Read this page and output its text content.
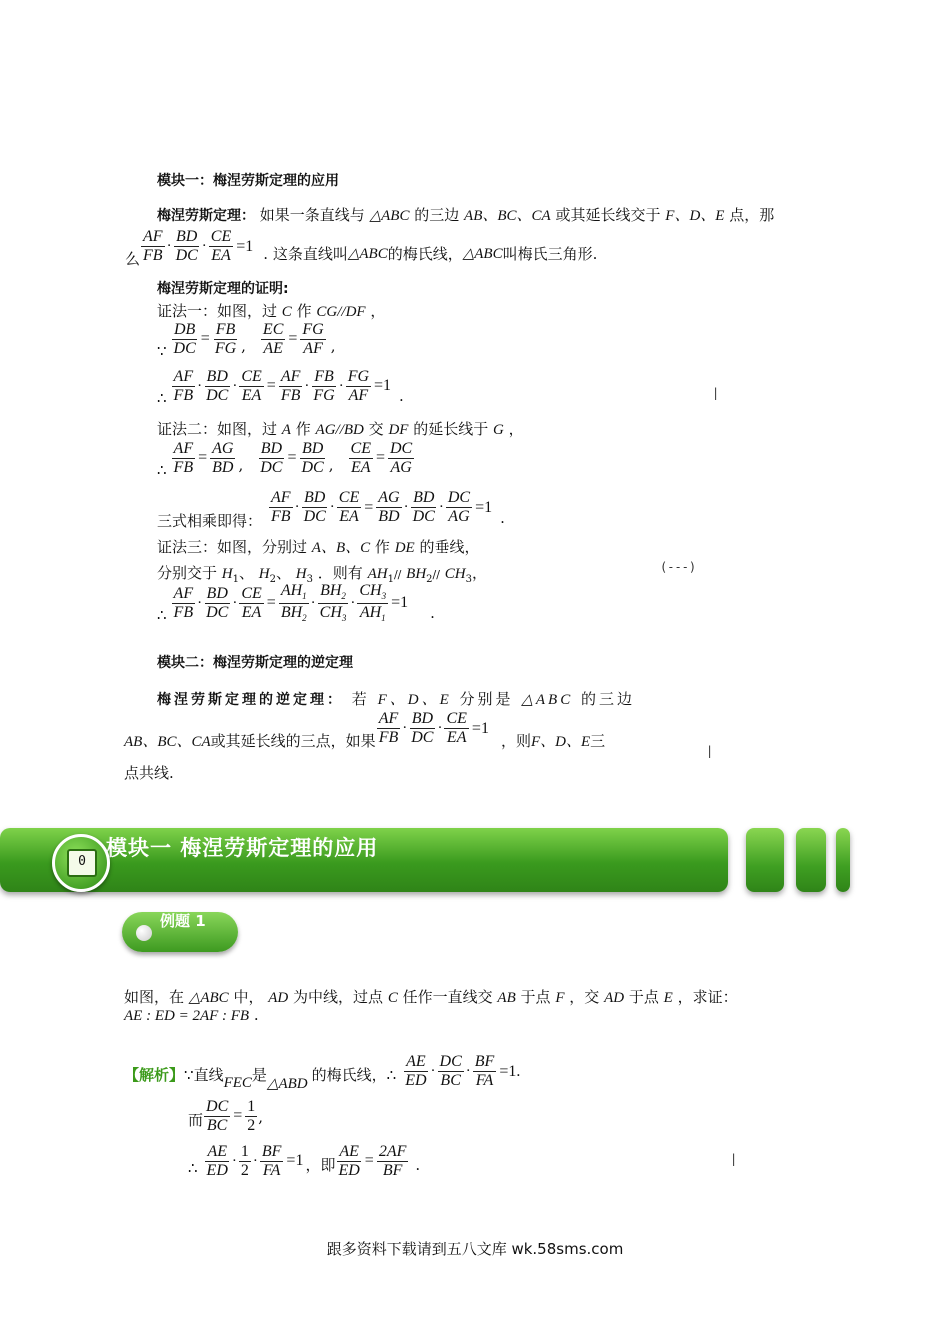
模块一：梅涅劳斯定理的应用
梅涅劳斯定理： 如果一条直线与 △ABC 的三边 AB、BC、CA 或其延长线交于 F、D、E 点，那
么 $\frac{AF}{FB} \cdot \frac{BD}{DC} \cdot \frac{CE}{EA} =1$ . 这条直线叫 △ABC 的梅氏线， △ABC 叫梅氏三角形.
梅涅劳斯定理的证明:
证法一：如图，过 C 作 CG//DF ，
∵ $\frac{DB}{DC} = \frac{FB}{FG}$ , $\frac{EC}{AE} = \frac{FG}{AF}$ ,
∴ $\frac{AF}{FB} \cdot \frac{BD}{DC} \cdot \frac{CE}{EA} = \frac{AF}{FB} \cdot \frac{FB}{FG} \cdot \frac{FG}{AF} =1$
.
证法二：如图，过 A 作 AG//BD 交 DF 的延长线于 G ，
∴ $\frac{AF}{FB} = \frac{AG}{BD}$ , $\frac{BD}{DC} = \frac{BD}{DC}$ , $\frac{CE}{EA} = \frac{DC}{AG}$
三式相乘即得： $\frac{AF}{FB} \cdot \frac{BD}{DC} \cdot \frac{CE}{EA} = \frac{AG}{BD} \cdot \frac{BD}{DC} \cdot \frac{DC}{AG} =1$
.
证法三：如图，分别过 A、B、C 作 DE 的垂线，
分别交于 $H_1$、 $H_2$、 $H_3$ ．则有 $AH_1//$ $BH_2//$ $CH_3$，
∴ $\frac{AF}{FB} \cdot \frac{BD}{DC} \cdot \frac{CE}{EA} = \frac{AH_1}{BH_2} \cdot \frac{BH_2}{CH_3} \cdot \frac{CH_3}{AH_1} =1$
.
模块二：梅涅劳斯定理的逆定理
梅涅劳斯定理的逆定理： 若 F、D、E 分别是 △ABC 的三边
AB、BC、CA 或其延长线的三点，如果 $\frac{AF}{FB} \cdot \frac{BD}{DC} \cdot \frac{CE}{EA} =1$
，则 F、D、E 三
点共线.
模块一 梅涅劳斯定理的应用
0
例题 1
如图，在 △ABC 中， AD 为中线，过点 C 任作一直线交 AB 于点 F ，交 AD 于点 E ，求证：
AE : ED = 2AF : FB .
【解析】 ∵ 直线 FEC 是 △ABD 的梅氏线， ∴ $\frac{AE}{ED} \cdot \frac{DC}{BC} \cdot \frac{BF}{FA} =1$.
而 $\frac{DC}{BC} = \frac{1}{2}$ ,
∴ $\frac{AE}{ED} \cdot \frac{1}{2} \cdot \frac{BF}{FA} =1$ ，即 $\frac{AE}{ED} = \frac{2AF}{BF}$ .
|
(---)
|
|
跟多资料下载请到五八文库 wk.58sms.com
